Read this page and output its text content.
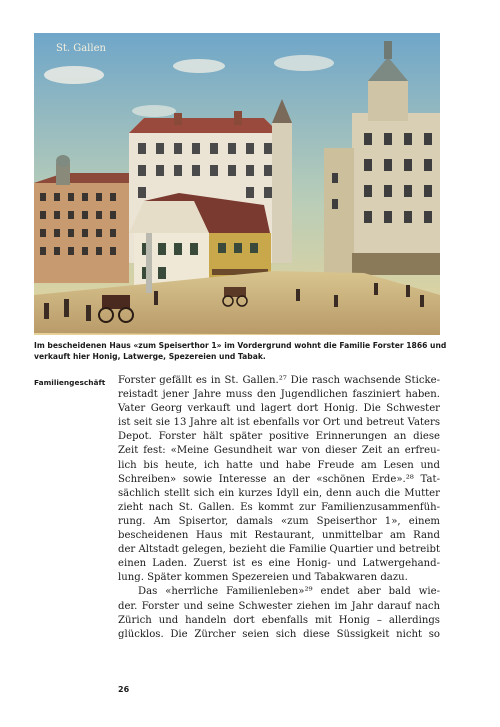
St. Gallen
Im bescheidenen Haus «zum Speiserthor 1» im Vordergrund wohnt die Familie Forster 1866 und
verkauft hier Honig, Latwerge, Spezereien und Tabak.
Familiengeschäft Forster gefällt es in St. Gallen.²⁷ Die rasch wachsende Sticke-
reistadt jener Jahre muss den Jugendlichen fasziniert haben.
Vater Georg verkauft und lagert dort Honig. Die Schwester
ist seit sie 13 Jahre alt ist ebenfalls vor Ort und betreut Vaters
Depot. Forster hält später positive Erinnerungen an diese
Zeit fest: «Meine Gesundheit war von dieser Zeit an erfreu-
lich bis heute, ich hatte und habe Freude am Lesen und
Schreiben» sowie Interesse an der «schönen Erde».²⁸ Tat-
sächlich stellt sich ein kurzes Idyll ein, denn auch die Mutter
zieht nach St. Gallen. Es kommt zur Familienzusammenfüh-
rung. Am Spisertor, damals «zum Speiserthor 1», einem
bescheidenen Haus mit Restaurant, unmittelbar am Rand
der Altstadt gelegen, bezieht die Familie Quartier und betreibt
einen Laden. Zuerst ist es eine Honig- und Latwergehand-
lung. Später kommen Spezereien und Tabakwaren dazu.
Das «herrliche Familienleben»²⁹ endet aber bald wie-
der. Forster und seine Schwester ziehen im Jahr darauf nach
Zürich und handeln dort ebenfalls mit Honig – allerdings
glücklos. Die Zürcher seien sich diese Süssigkeit nicht so
26
